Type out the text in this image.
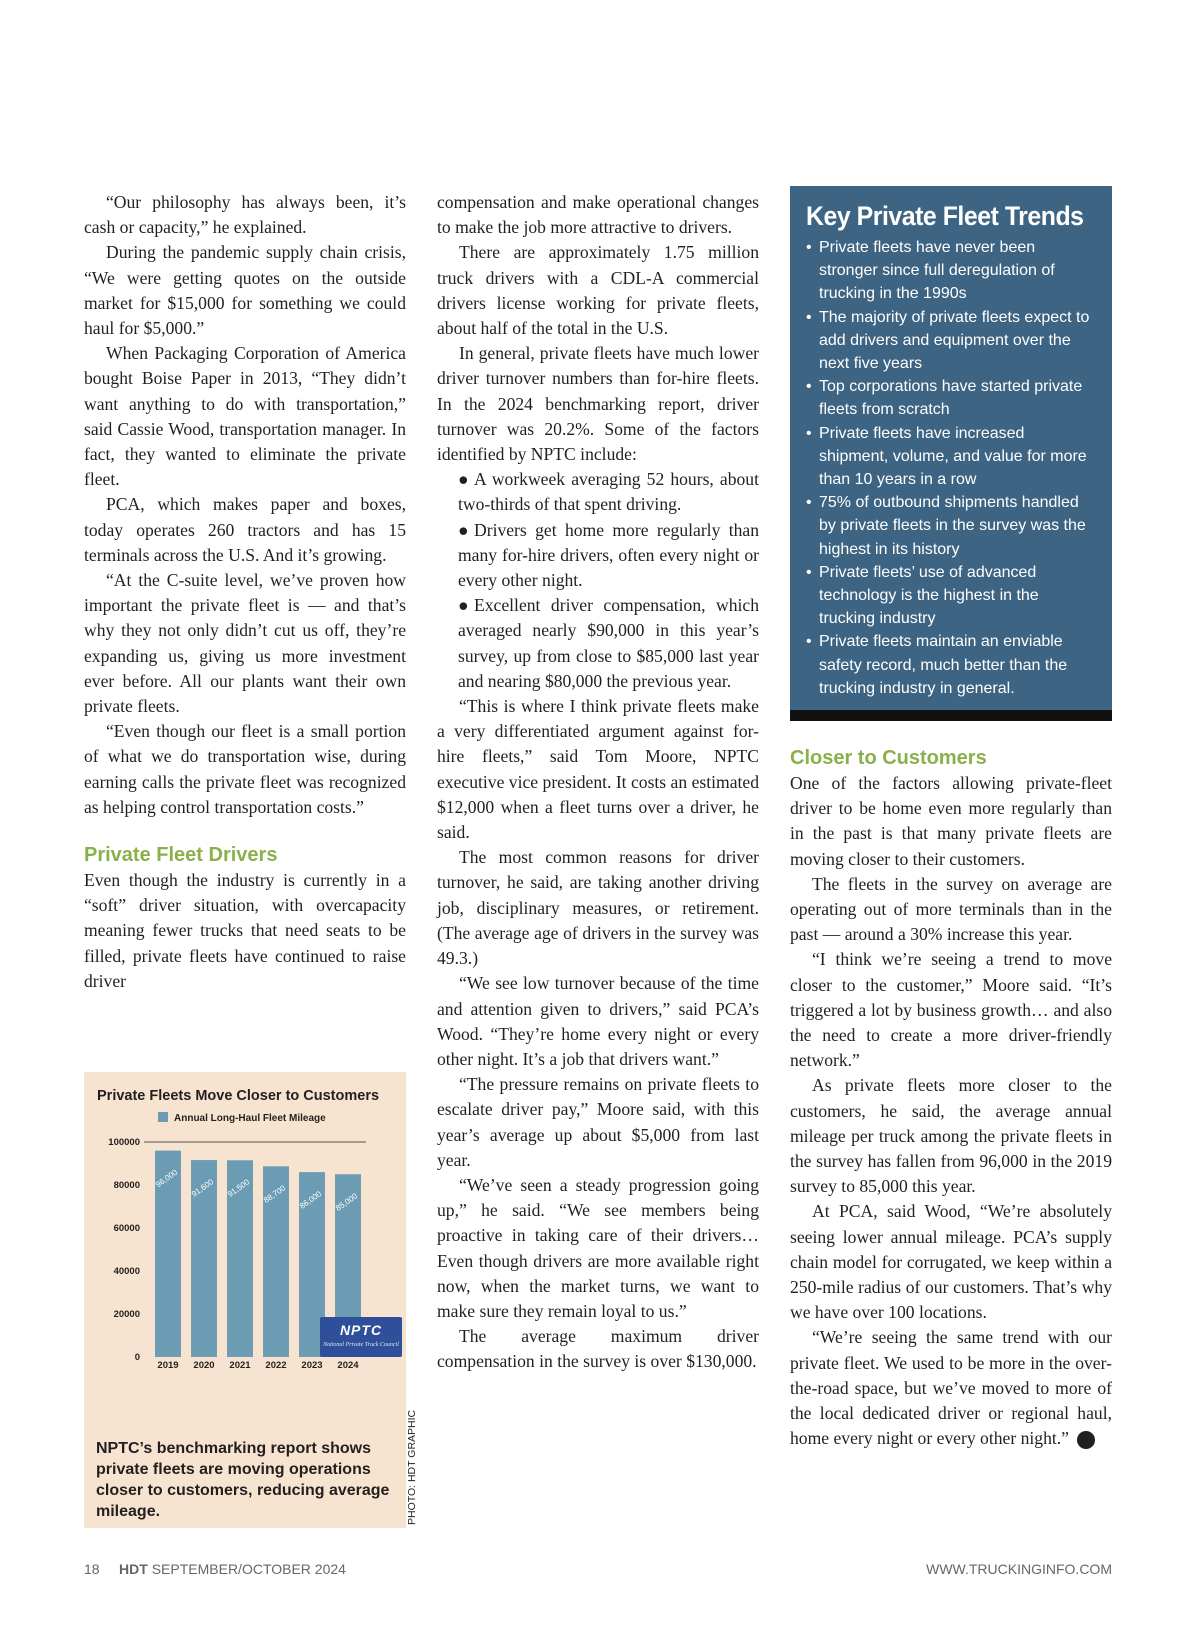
“Our philosophy has always been, it’s cash or capacity,” he explained.

During the pandemic supply chain crisis, “We were getting quotes on the outside market for $15,000 for something we could haul for $5,000.”

When Packaging Corporation of America bought Boise Paper in 2013, “They didn’t want anything to do with transportation,” said Cassie Wood, transportation manager. In fact, they wanted to eliminate the private fleet.

PCA, which makes paper and boxes, today operates 260 tractors and has 15 terminals across the U.S. And it’s growing.

“At the C-suite level, we’ve proven how important the private fleet is — and that’s why they not only didn’t cut us off, they’re expanding us, giving us more investment ever before. All our plants want their own private fleets.

“Even though our fleet is a small portion of what we do transportation wise, during earning calls the private fleet was recognized as helping control transportation costs.”

Private Fleet Drivers

Even though the industry is currently in a “soft” driver situation, with overcapacity meaning fewer trucks that need seats to be filled, private fleets have continued to raise driver

0
20000
40000
60000
80000
100000
96,000
2019
91,600
2020
91,500
2021
88,700
2022
86,000
2023
85,000
2024
Private Fleets Move Closer to Customers
Annual Long-Haul Fleet Mileage
NPTC
National Private Truck Council
NPTC’s benchmarking report shows private fleets are moving operations closer to customers, reducing average mileage.	PHOTO: HDT GRAPHIC

compensation and make operational changes to make the job more attractive to drivers.

There are approximately 1.75 million truck drivers with a CDL-A commercial drivers license working for private fleets, about half of the total in the U.S.

In general, private fleets have much lower driver turnover numbers than for-hire fleets. In the 2024 benchmarking report, driver turnover was 20.2%. Some of the factors identified by NPTC include:

● A workweek averaging 52 hours, about two-thirds of that spent driving.
● Drivers get home more regularly than many for-hire drivers, often every night or every other night.
● Excellent driver compensation, which averaged nearly $90,000 in this year’s survey, up from close to $85,000 last year and nearing $80,000 the previous year.

“This is where I think private fleets make a very differentiated argument against for-hire fleets,” said Tom Moore, NPTC executive vice president. It costs an estimated $12,000 when a fleet turns over a driver, he said.

The most common reasons for driver turnover, he said, are taking another driving job, disciplinary measures, or retirement. (The average age of drivers in the survey was 49.3.)

“We see low turnover because of the time and attention given to drivers,” said PCA’s Wood. “They’re home every night or every other night. It’s a job that drivers want.”

“The pressure remains on private fleets to escalate driver pay,” Moore said, with this year’s average up about $5,000 from last year.

“We’ve seen a steady progression going up,” he said. “We see members being proactive in taking care of their drivers… Even though drivers are more available right now, when the market turns, we want to make sure they remain loyal to us.”

The average maximum driver compensation in the survey is over $130,000.

Key Private Fleet Trends
• Private fleets have never been stronger since full deregulation of trucking in the 1990s
• The majority of private fleets expect to add drivers and equipment over the next five years
• Top corporations have started private fleets from scratch
• Private fleets have increased shipment, volume, and value for more than 10 years in a row
• 75% of outbound shipments handled by private fleets in the survey was the highest in its history
• Private fleets’ use of advanced technology is the highest in the trucking industry
• Private fleets maintain an enviable safety record, much better than the trucking industry in general.
Closer to Customers

One of the factors allowing private-fleet driver to be home even more regularly than in the past is that many private fleets are moving closer to their customers.

The fleets in the survey on average are operating out of more terminals than in the past — around a 30% increase this year.

“I think we’re seeing a trend to move closer to the customer,” Moore said. “It’s triggered a lot by business growth… and also the need to create a more driver-friendly network.”

As private fleets more closer to the customers, he said, the average annual mileage per truck among the private fleets in the survey has fallen from 96,000 in the 2019 survey to 85,000 this year.

At PCA, said Wood, “We’re absolutely seeing lower annual mileage. PCA’s supply chain model for corrugated, we keep within a 250-mile radius of our customers. That’s why we have over 100 locations.

“We’re seeing the same trend with our private fleet. We used to be more in the over-the-road space, but we’ve moved to more of the local dedicated driver or regional haul, home every night or every other night.”	HDT

18 HDT SEPTEMBER/OCTOBER 2024	WWW.TRUCKINGINFO.COM
